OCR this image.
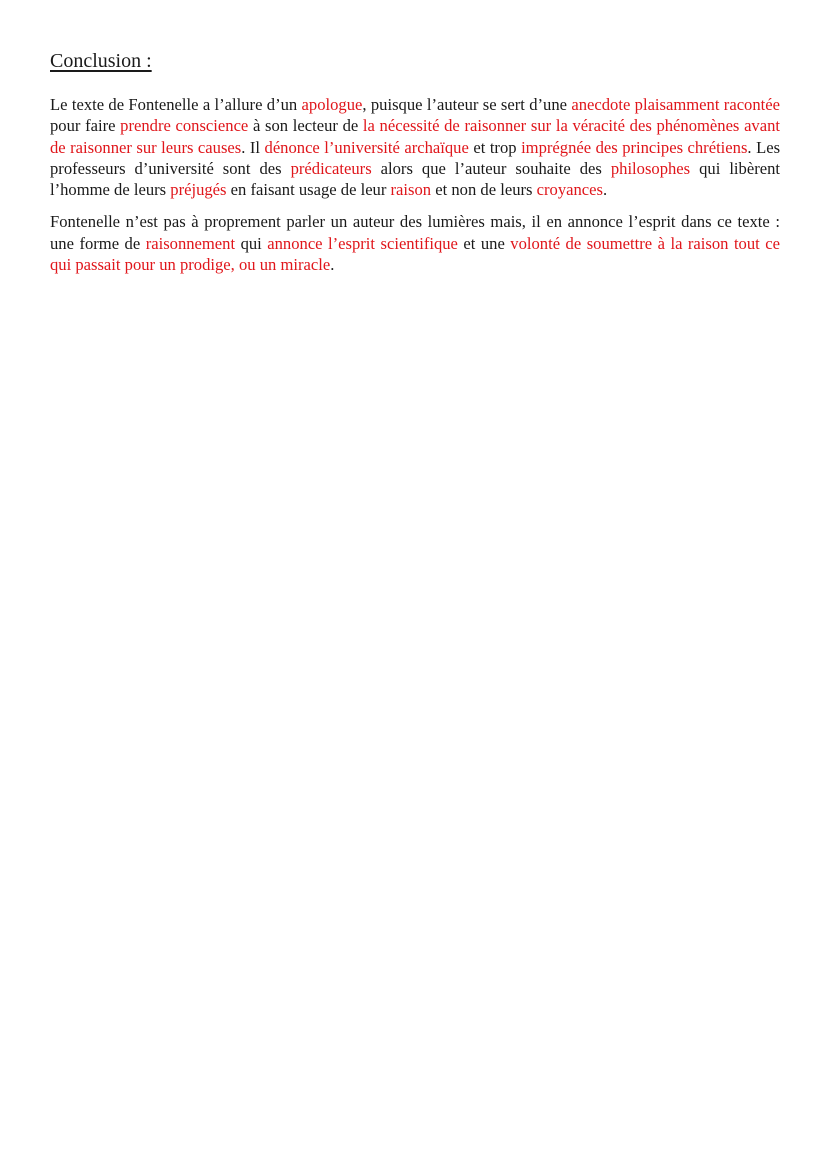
Conclusion :

Le texte de Fontenelle a l’allure d’un apologue, puisque l’auteur se sert d’une anecdote plaisamment racontée pour faire prendre conscience à son lecteur de la nécessité de raisonner sur la véracité des phénomènes avant de raisonner sur leurs causes. Il dénonce l’université archaïque et trop imprégnée des principes chrétiens. Les professeurs d’université sont des prédicateurs alors que l’auteur souhaite des philosophes qui libèrent l’homme de leurs préjugés en faisant usage de leur raison et non de leurs croyances.

Fontenelle n’est pas à proprement parler un auteur des lumières mais, il en annonce l’esprit dans ce texte : une forme de raisonnement qui annonce l’esprit scientifique et une volonté de soumettre à la raison tout ce qui passait pour un prodige, ou un miracle.
